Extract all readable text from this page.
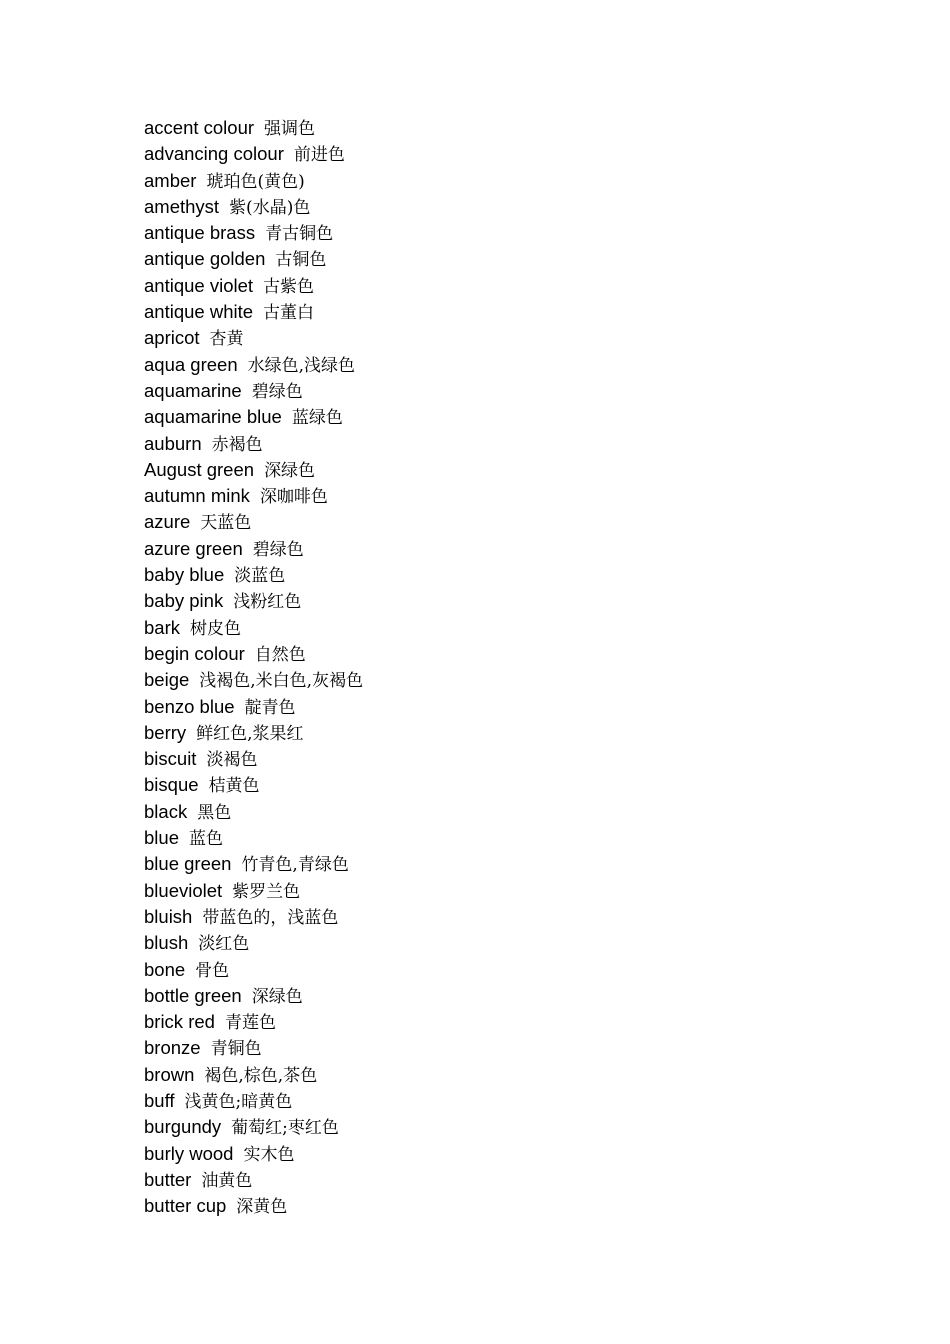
accent colour 强调色
advancing colour 前进色
amber 琥珀色(黄色)
amethyst 紫(水晶)色
antique brass 青古铜色
antique golden 古铜色
antique violet 古紫色
antique white 古董白
apricot 杏黄
aqua green 水绿色,浅绿色
aquamarine 碧绿色
aquamarine blue 蓝绿色
auburn 赤褐色
August green 深绿色
autumn mink 深咖啡色
azure 天蓝色
azure green 碧绿色
baby blue 淡蓝色
baby pink 浅粉红色
bark 树皮色
begin colour 自然色
beige 浅褐色,米白色,灰褐色
benzo blue 靛青色
berry 鲜红色,浆果红
biscuit 淡褐色
bisque 桔黄色
black 黑色
blue 蓝色
blue green 竹青色,青绿色
blueviolet 紫罗兰色
bluish 带蓝色的，浅蓝色
blush 淡红色
bone 骨色
bottle green 深绿色
brick red 青莲色
bronze 青铜色
brown 褐色,棕色,茶色
buff 浅黄色;暗黄色
burgundy 葡萄红;枣红色
burly wood 实木色
butter 油黄色
butter cup 深黄色
